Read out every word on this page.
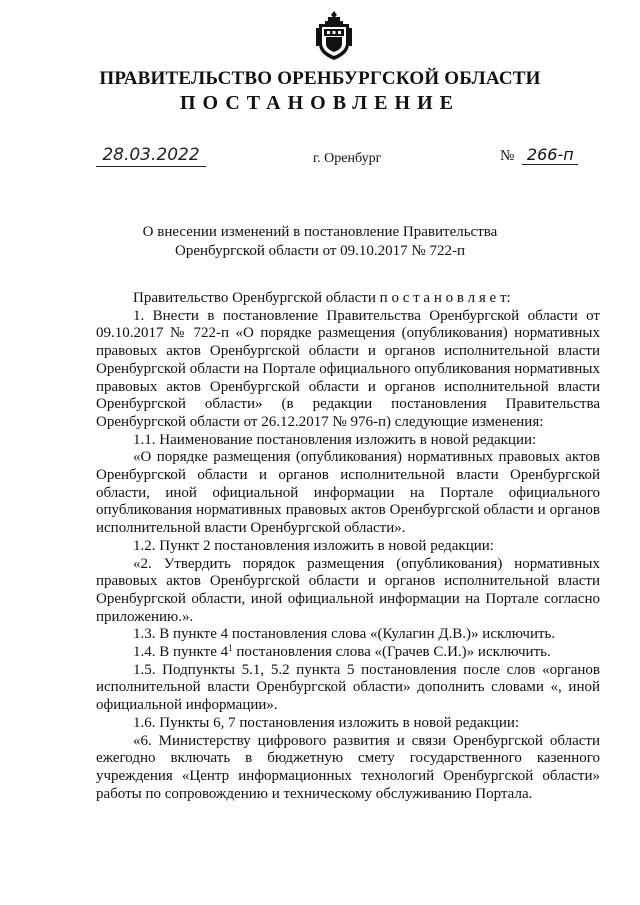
ПРАВИТЕЛЬСТВО ОРЕНБУРГСКОЙ ОБЛАСТИ
ПОСТАНОВЛЕНИЕ
28.03.2022	г. Оренбург	№ 266-п
О внесении изменений в постановление Правительства
Оренбургской области от 09.10.2017 № 722-п

Правительство Оренбургской области п о с т а н о в л я е т:

1. Внести в постановление Правительства Оренбургской области от 09.10.2017 № 722-п «О порядке размещения (опубликования) нормативных правовых актов Оренбургской области и органов исполнительной власти Оренбургской области на Портале официального опубликования нормативных правовых актов Оренбургской области и органов исполнительной власти Оренбургской области» (в редакции постановления Правительства Оренбургской области от 26.12.2017 № 976-п) следующие изменения:

1.1. Наименование постановления изложить в новой редакции:

«О порядке размещения (опубликования) нормативных правовых актов Оренбургской области и органов исполнительной власти Оренбургской области, иной официальной информации на Портале официального опубликования нормативных правовых актов Оренбургской области и органов исполнительной власти Оренбургской области».

1.2. Пункт 2 постановления изложить в новой редакции:

«2. Утвердить порядок размещения (опубликования) нормативных правовых актов Оренбургской области и органов исполнительной власти Оренбургской области, иной официальной информации на Портале согласно приложению.».

1.3. В пункте 4 постановления слова «(Кулагин Д.В.)» исключить.

1.4. В пункте $4^1$ постановления слова «(Грачев С.И.)» исключить.

1.5. Подпункты 5.1, 5.2 пункта 5 постановления после слов «органов исполнительной власти Оренбургской области» дополнить словами «, иной официальной информации».

1.6. Пункты 6, 7 постановления изложить в новой редакции:

«6. Министерству цифрового развития и связи Оренбургской области ежегодно включать в бюджетную смету государственного казенного учреждения «Центр информационных технологий Оренбургской области» работы по сопровождению и техническому обслуживанию Портала.
